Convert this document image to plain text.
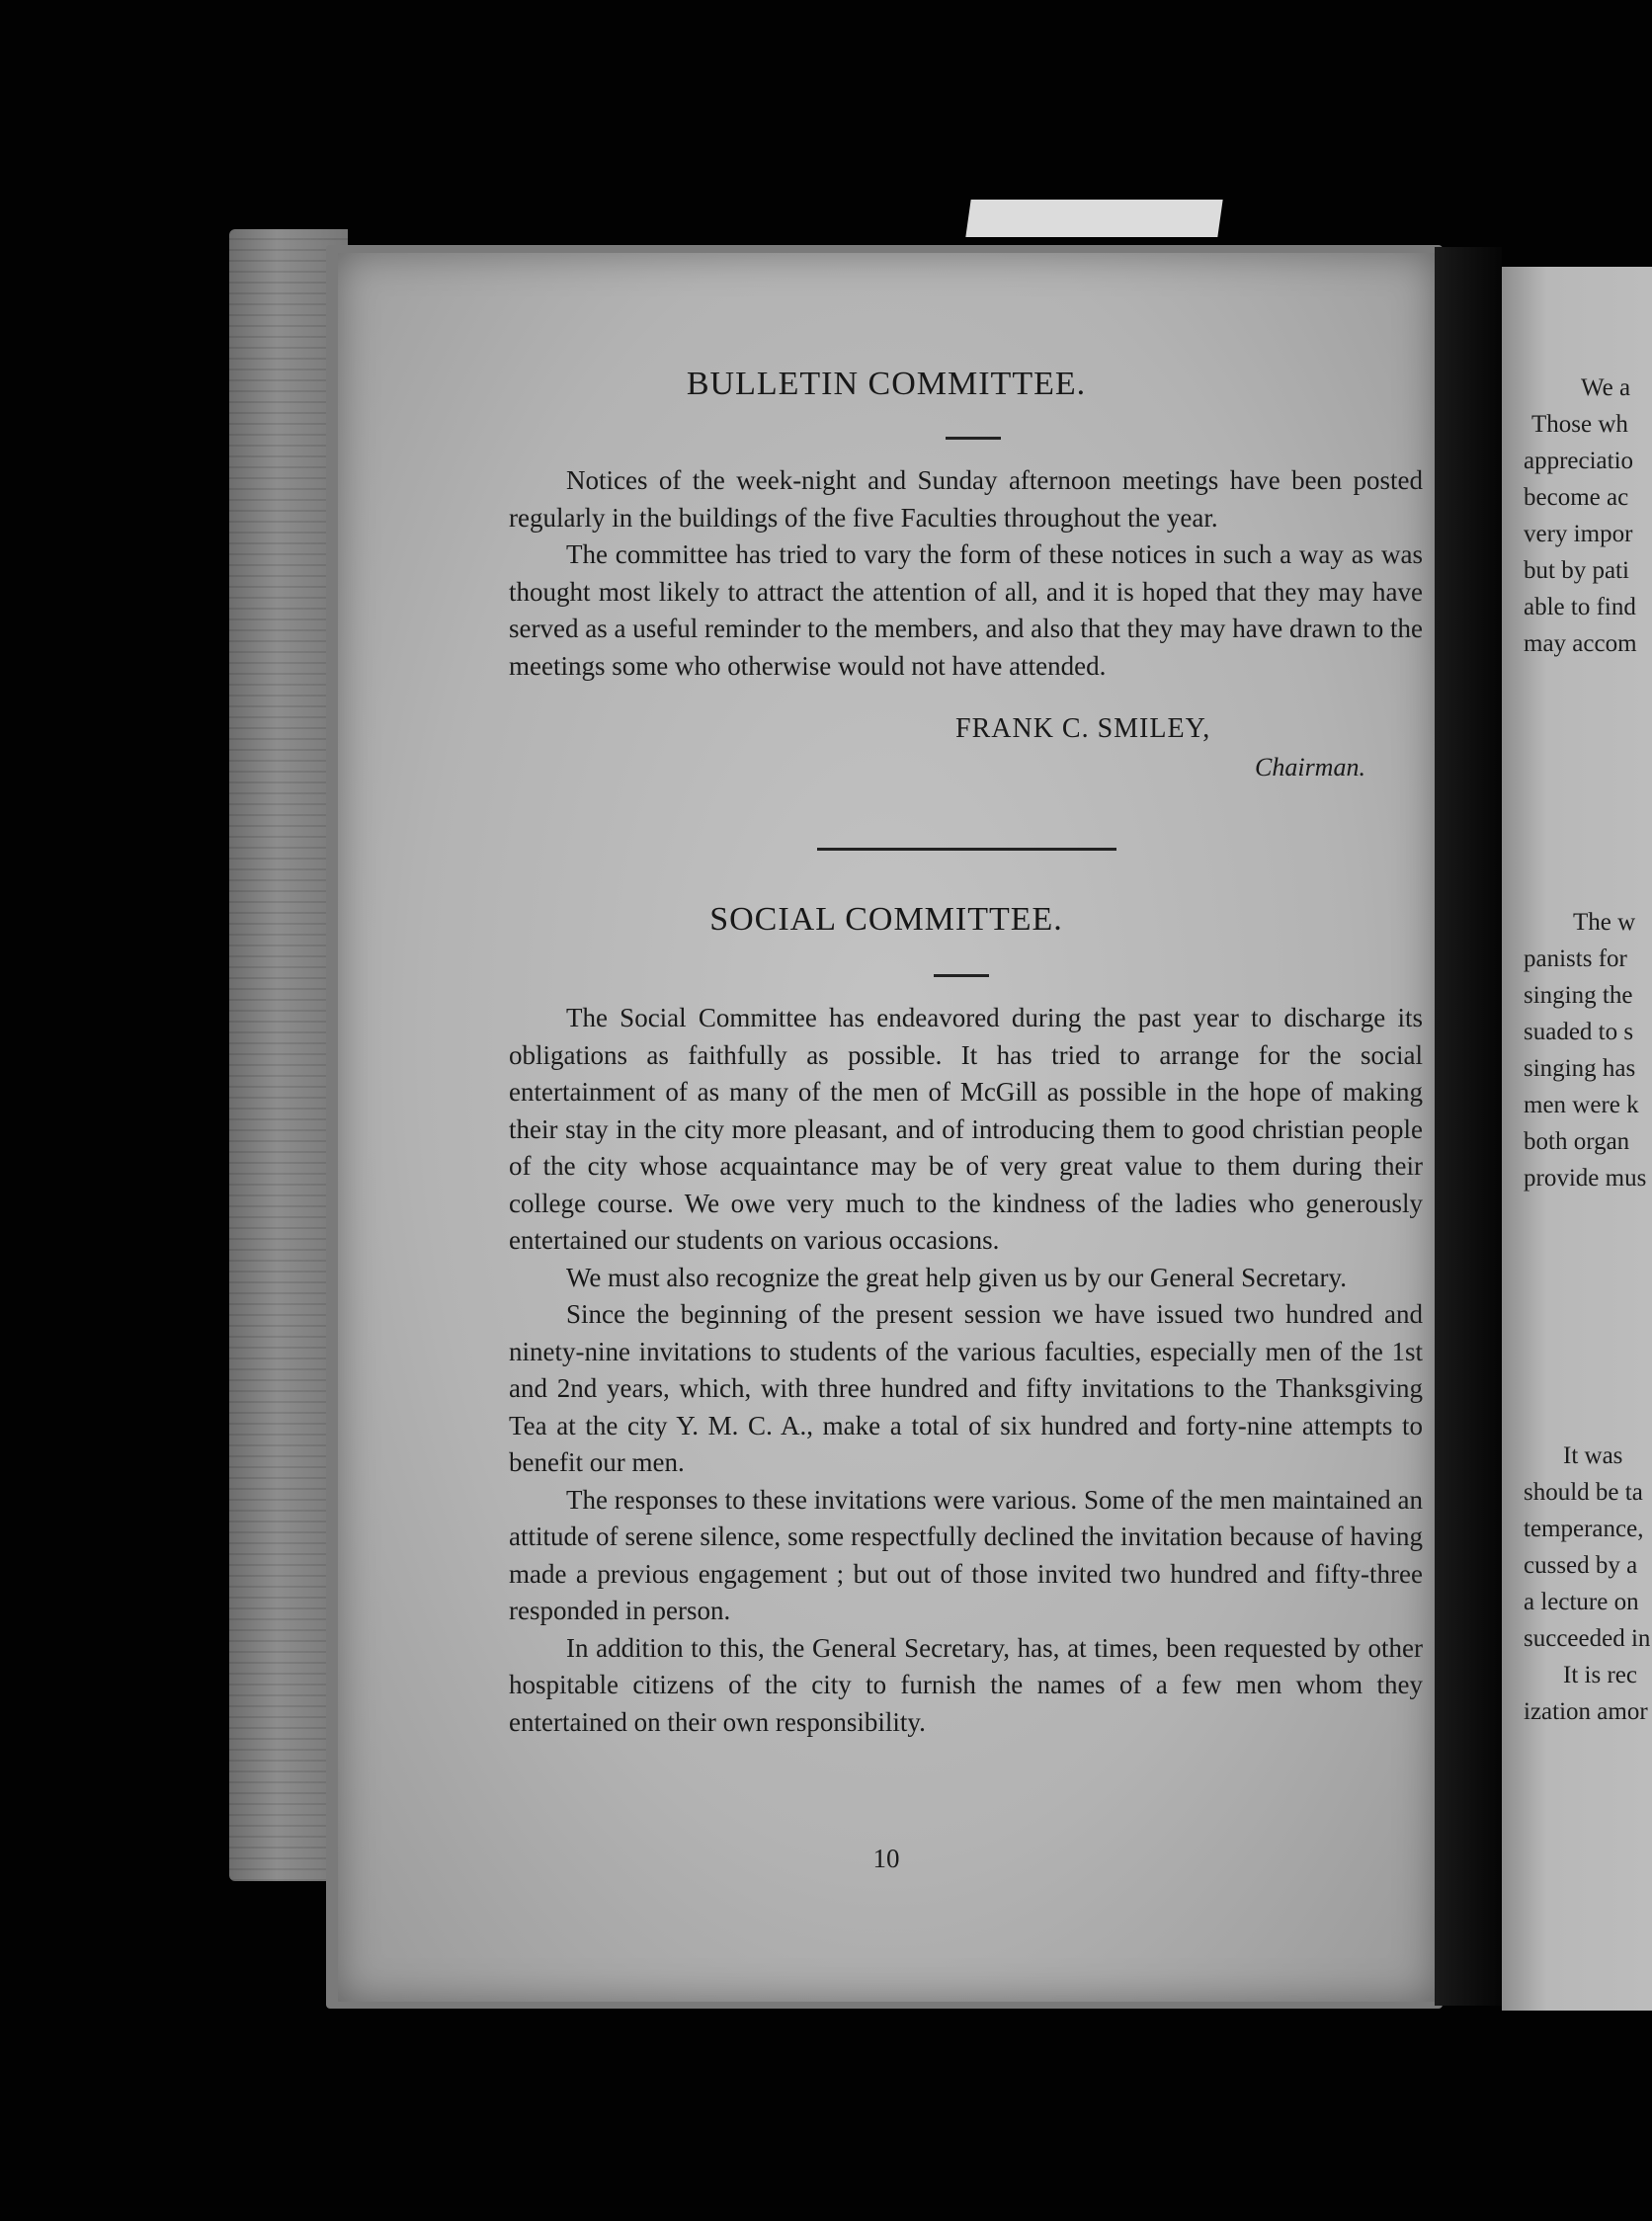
We a
Those wh
appreciatio
become ac
very impor
but by pati
able to find
may accom
The w
panists for
singing the
suaded to s
singing has
men were k
both organ
provide mus
It was
should be ta
temperance,
cussed by a
a lecture on
succeeded in
It is rec
ization amor
BULLETIN COMMITTEE.

Notices of the week-night and Sunday afternoon meetings have been posted regularly in the buildings of the five Faculties throughout the year.

The committee has tried to vary the form of these notices in such a way as was thought most likely to attract the attention of all, and it is hoped that they may have served as a useful reminder to the members, and also that they may have drawn to the meetings some who otherwise would not have attended.

FRANK C. SMILEY,
Chairman.
SOCIAL COMMITTEE.

The Social Committee has endeavored during the past year to discharge its obligations as faithfully as possible. It has tried to arrange for the social entertainment of as many of the men of McGill as possible in the hope of making their stay in the city more pleasant, and of introducing them to good christian people of the city whose acquaintance may be of very great value to them during their college course. We owe very much to the kindness of the ladies who generously entertained our students on various occasions.

We must also recognize the great help given us by our General Secretary.

Since the beginning of the present session we have issued two hundred and ninety-nine invitations to students of the various faculties, especially men of the 1st and 2nd years, which, with three hundred and fifty invitations to the Thanksgiving Tea at the city Y. M. C. A., make a total of six hundred and forty-nine attempts to benefit our men.

The responses to these invitations were various. Some of the men maintained an attitude of serene silence, some respectfully declined the invitation because of having made a previous engagement ; but out of those invited two hundred and fifty-three responded in person.

In addition to this, the General Secretary, has, at times, been requested by other hospitable citizens of the city to furnish the names of a few men whom they entertained on their own responsibility.

10
